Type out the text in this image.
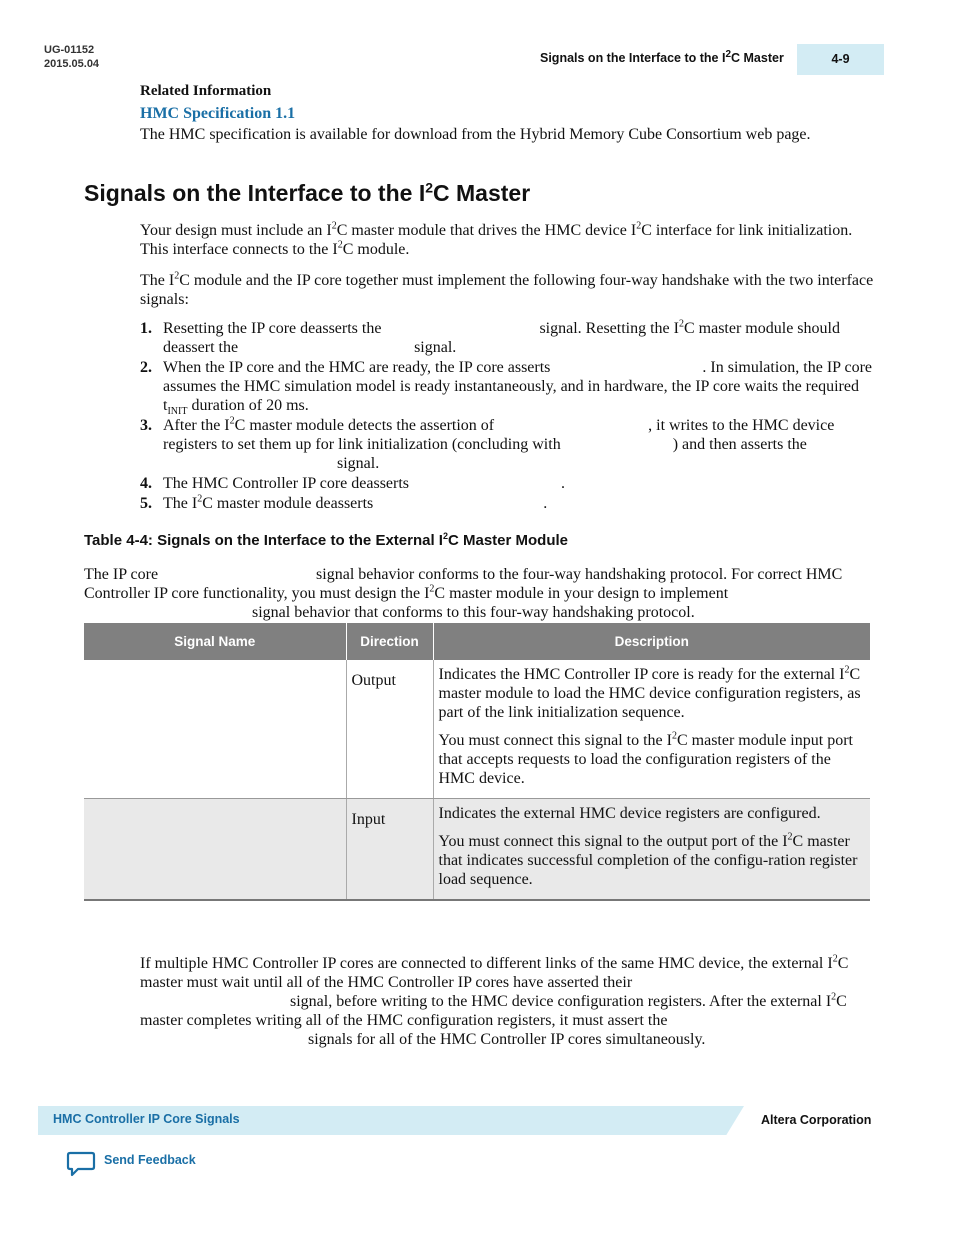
UG-01152
2015.05.04	Signals on the Interface to the $I^2C$ Master	4-9
Related Information
HMC Specification 1.1
The HMC specification is available for download from the Hybrid Memory Cube Consortium web page.
Signals on the Interface to the $I^2C$ Master
Your design must include an $I^2C$ master module that drives the HMC device $I^2C$ interface for link initialization. This interface connects to the $I^2C$ module.
The $I^2C$ module and the IP core together must implement the following four-way handshake with the two interface signals:
1. Resetting the IP core deasserts the	signal. Resetting the $I^2C$ master module should deassert the	signal.
2. When the IP core and the HMC are ready, the IP core asserts	. In simulation, the IP core assumes the HMC simulation model is ready instantaneously, and in hardware, the IP core waits the required $t_{INIT}$ duration of 20 ms.
3. After the $I^2C$ master module detects the assertion of	, it writes to the HMC device registers to set them up for link initialization (concluding with	) and then asserts thesignal.
4. The HMC Controller IP core deasserts	.
5. The $I^2C$ master module deasserts	.
Table 4-4: Signals on the Interface to the External $I^2C$ Master Module
The IP core	signal behavior conforms to the four-way handshaking protocol. For correct HMC Controller IP core functionality, you must design the $I^2C$ master module in your design to implementsignal behavior that conforms to this four-way handshaking protocol.
Signal Name	Direction	Description
	Output	Indicates the HMC Controller IP core is ready for the external $I^2C$ master module to load the HMC device configuration registers, as part of the link initialization sequence.

You must connect this signal to the $I^2C$ master module input port that accepts requests to load the configuration registers of the HMC device.

	Input	Indicates the external HMC device registers are configured.

You must connect this signal to the output port of the $I^2C$ master that indicates successful completion of the configu-ration register load sequence.

If multiple HMC Controller IP cores are connected to different links of the same HMC device, the external $I^2C$ master must wait until all of the HMC Controller IP cores have asserted their
signal, before writing to the HMC device configuration registers. After the external $I^2C$ master completes writing all of the HMC configuration registers, it must assert the
signals for all of the HMC Controller IP cores simultaneously.
HMC Controller IP Core Signals	Altera Corporation
Send Feedback
